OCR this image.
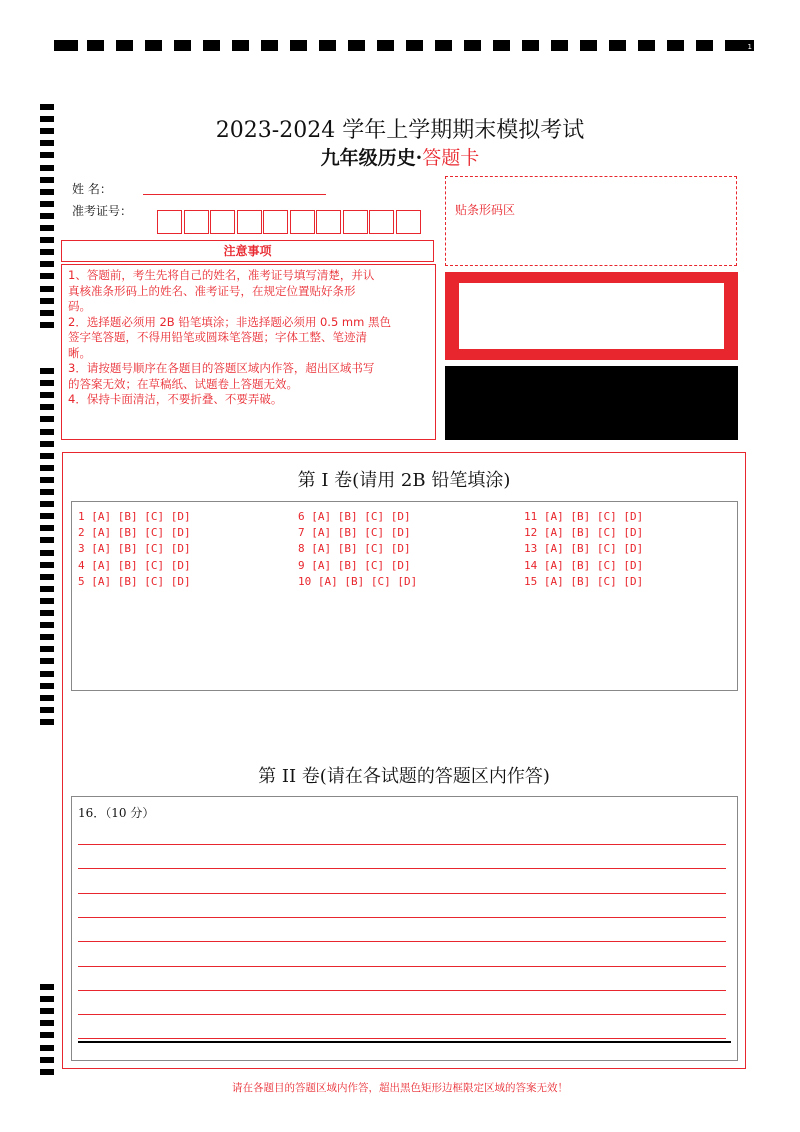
1
2023-2024 学年上学期期末模拟考试
九年级历史·答题卡
姓 名：
准考证号：	贴条形码区
注意事项
1、答题前，考生先将自己的姓名，准考证号填写清楚，并认
真核准条形码上的姓名、准考证号，在规定位置贴好条形
码。
2．选择题必须用 2B 铅笔填涂；非选择题必须用 0.5 mm 黑色
签字笔答题，不得用铅笔或圆珠笔答题；字体工整、笔迹清
晰。
3．请按题号顺序在各题目的答题区域内作答，超出区域书写
的答案无效；在草稿纸、试题卷上答题无效。
4．保持卡面清洁，不要折叠、不要弄破。
第 I 卷(请用 2B 铅笔填涂)
1 [A] [B] [C] [D]
2 [A] [B] [C] [D]
3 [A] [B] [C] [D]
4 [A] [B] [C] [D]
5 [A] [B] [C] [D]
6 [A] [B] [C] [D]
7 [A] [B] [C] [D]
8 [A] [B] [C] [D]
9 [A] [B] [C] [D]
10 [A] [B] [C] [D]
11 [A] [B] [C] [D]
12 [A] [B] [C] [D]
13 [A] [B] [C] [D]
14 [A] [B] [C] [D]
15 [A] [B] [C] [D]
第 II 卷(请在各试题的答题区内作答)
16．（10 分）
请在各题目的答题区域内作答，超出黑色矩形边框限定区域的答案无效！
